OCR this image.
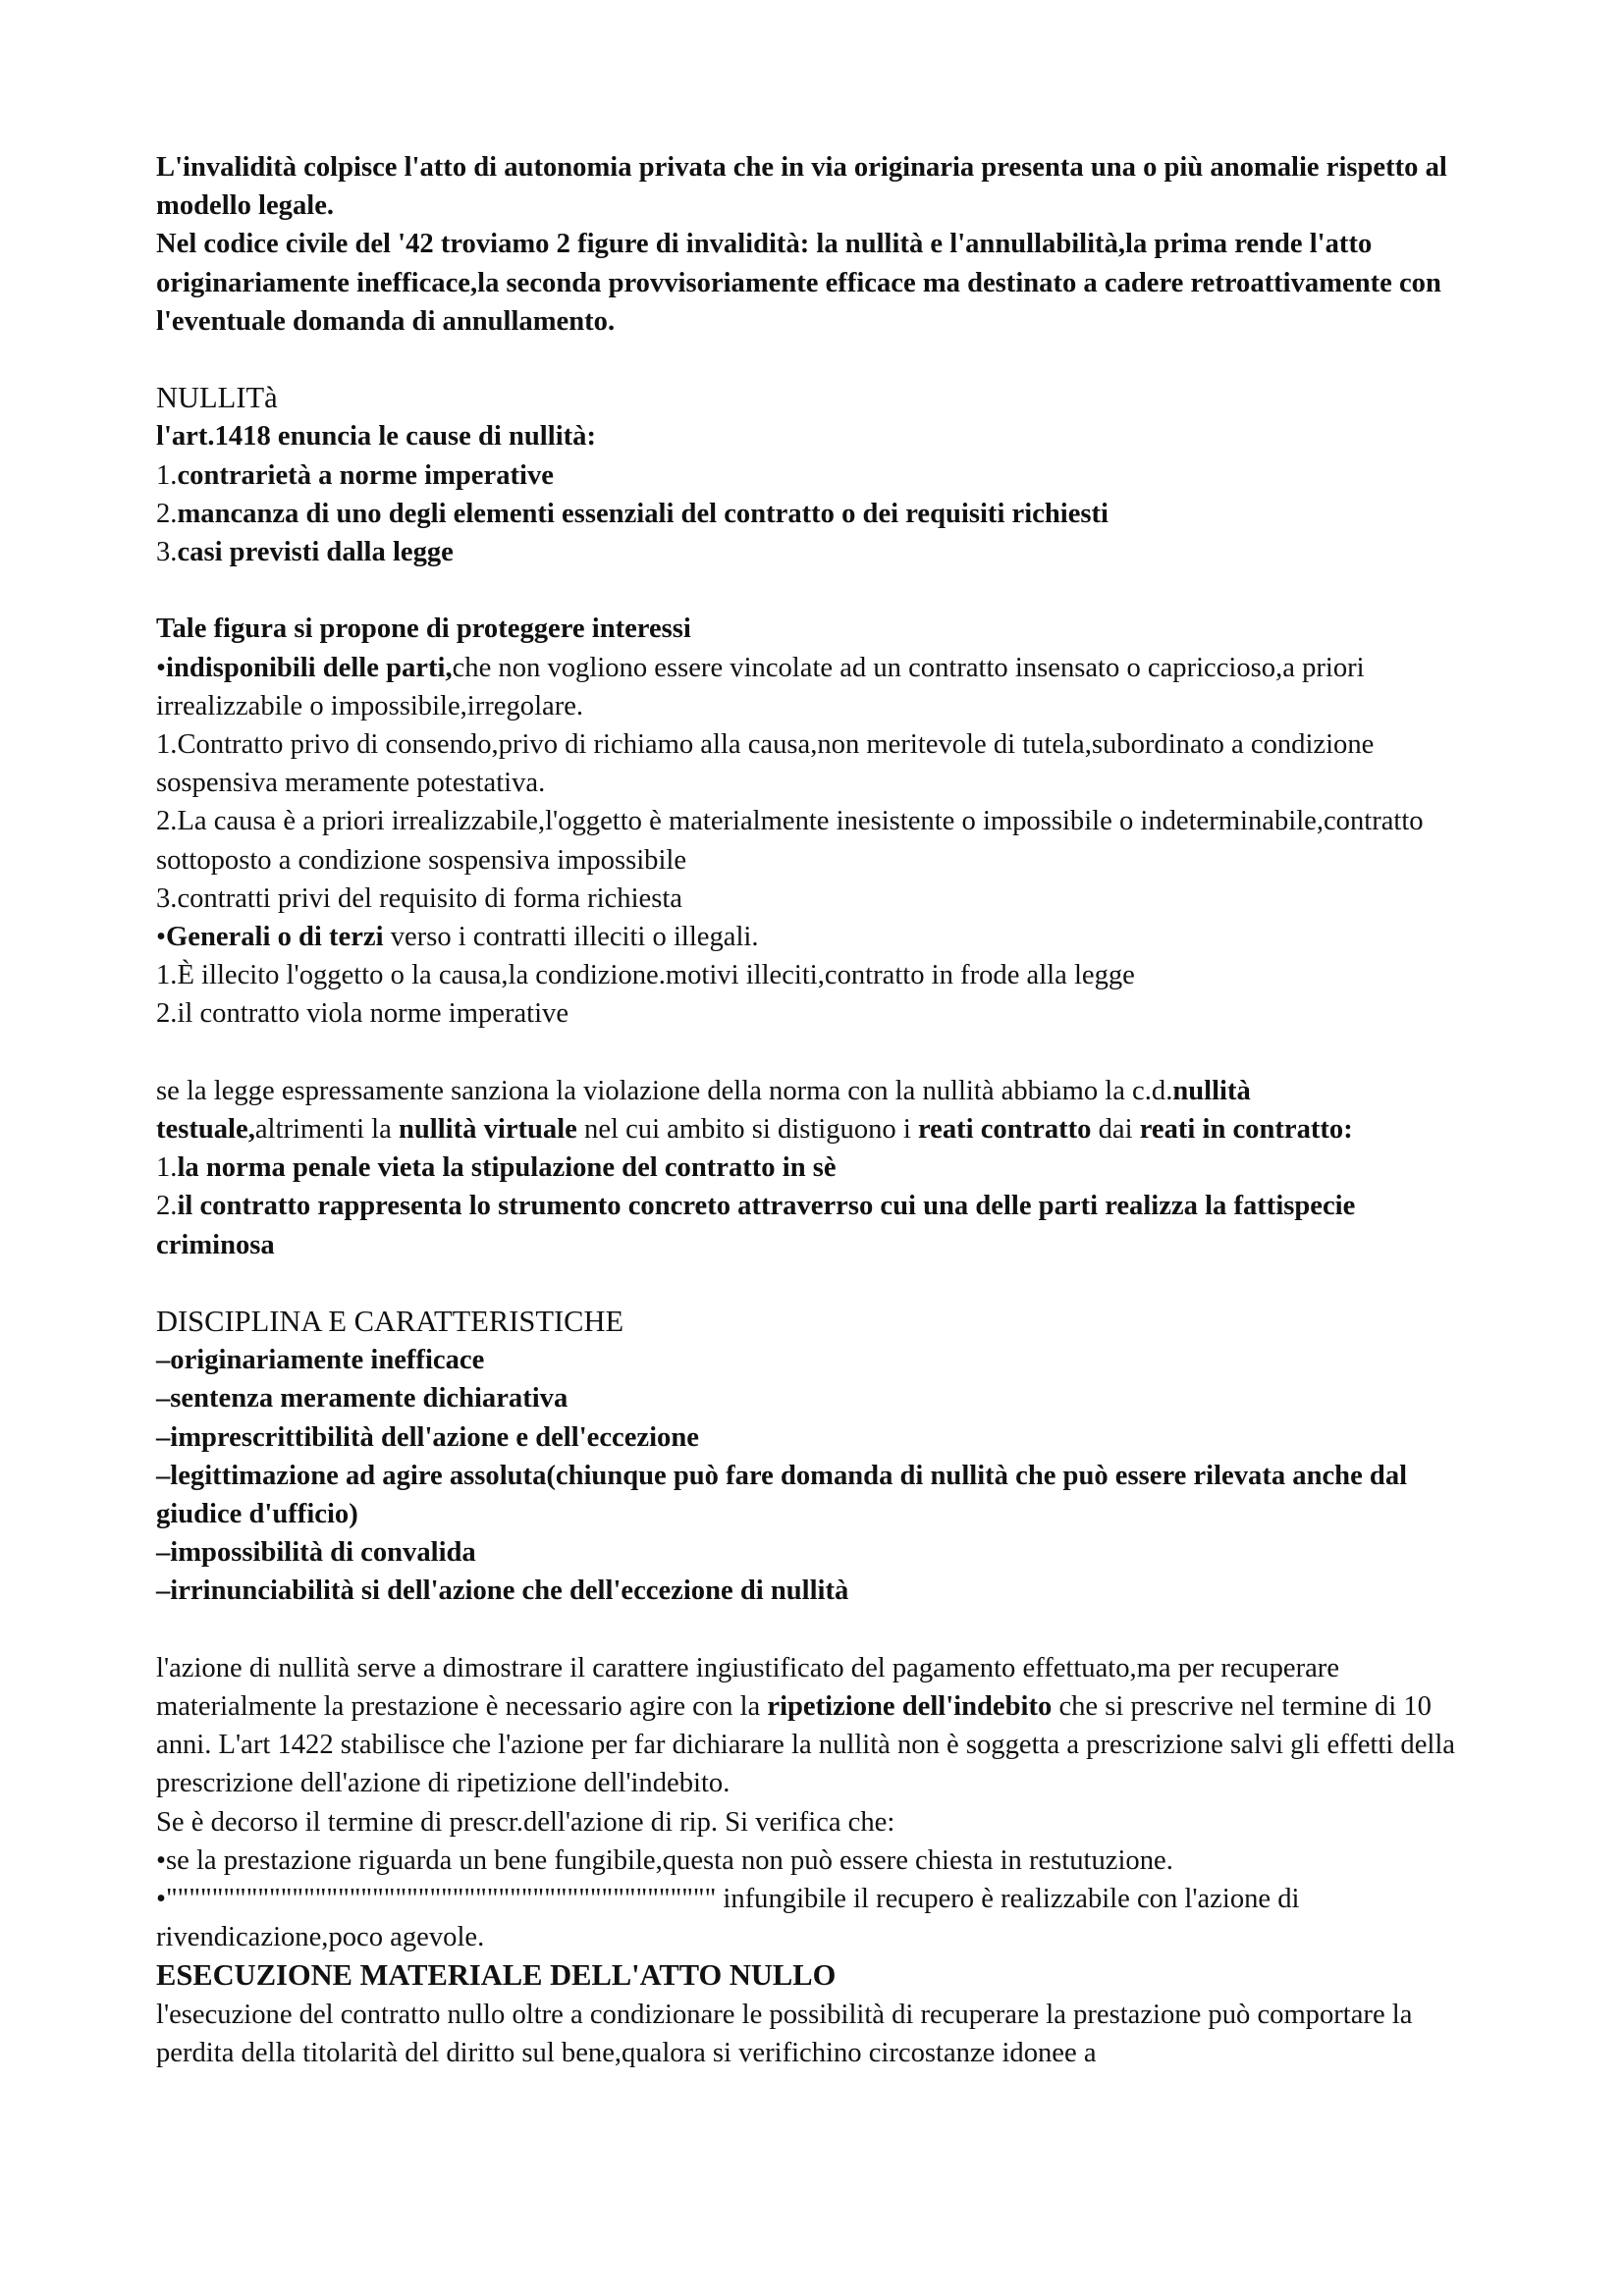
L'invalidità colpisce l'atto di autonomia privata che in via originaria presenta una o più anomalie rispetto al modello legale.

Nel codice civile del '42 troviamo 2 figure di invalidità: la nullità e l'annullabilità,la prima rende l'atto originariamente inefficace,la seconda provvisoriamente efficace ma destinato a cadere retroattivamente con l'eventuale domanda di annullamento.

NULLITà

l'art.1418 enuncia le cause di nullità:

1.contrarietà a norme imperative

2.mancanza di uno degli elementi essenziali del contratto o dei requisiti richiesti

3.casi previsti dalla legge

Tale figura si propone di proteggere interessi

•indisponibili delle parti,che non vogliono essere vincolate ad un contratto insensato o capriccioso,a priori irrealizzabile o impossibile,irregolare.

1.Contratto privo di consendo,privo di richiamo alla causa,non meritevole di tutela,subordinato a condizione sospensiva meramente potestativa.

2.La causa è a priori irrealizzabile,l'oggetto è materialmente inesistente o impossibile o indeterminabile,contratto sottoposto a condizione sospensiva impossibile

3.contratti privi del requisito di forma richiesta

•Generali o di terzi verso i contratti illeciti o illegali.

1.È illecito l'oggetto o la causa,la condizione.motivi illeciti,contratto in frode alla legge

2.il contratto viola norme imperative

se la legge espressamente sanziona la violazione della norma con la nullità abbiamo la c.d.nullità testuale,altrimenti la nullità virtuale nel cui ambito si distiguono i reati contratto dai reati in contratto:

1.la norma penale vieta la stipulazione del contratto in sè

2.il contratto rappresenta lo strumento concreto attraverrso cui una delle parti realizza la fattispecie criminosa

DISCIPLINA E CARATTERISTICHE

–originariamente inefficace

–sentenza meramente dichiarativa

–imprescrittibilità dell'azione e dell'eccezione

–legittimazione ad agire assoluta(chiunque può fare domanda di nullità che può essere rilevata anche dal giudice d'ufficio)

–impossibilità di convalida

–irrinunciabilità si dell'azione che dell'eccezione di nullità

l'azione di nullità serve a dimostrare il carattere ingiustificato del pagamento effettuato,ma per recuperare materialmente la prestazione è necessario agire con la ripetizione dell'indebito che si prescrive nel termine di 10 anni. L'art 1422 stabilisce che l'azione per far dichiarare la nullità non è soggetta a prescrizione salvi gli effetti della prescrizione dell'azione di ripetizione dell'indebito.

Se è decorso il termine di prescr.dell'azione di rip. Si verifica che:

•se la prestazione riguarda un bene fungibile,questa non può essere chiesta in restutuzione.

•"""""""""""""""""""""""""""""""""""""""""""""""" infungibile il recupero è realizzabile con l'azione di rivendicazione,poco agevole.

ESECUZIONE MATERIALE DELL'ATTO NULLO

l'esecuzione del contratto nullo oltre a condizionare le possibilità di recuperare la prestazione può comportare la perdita della titolarità del diritto sul bene,qualora si verifichino circostanze idonee a
